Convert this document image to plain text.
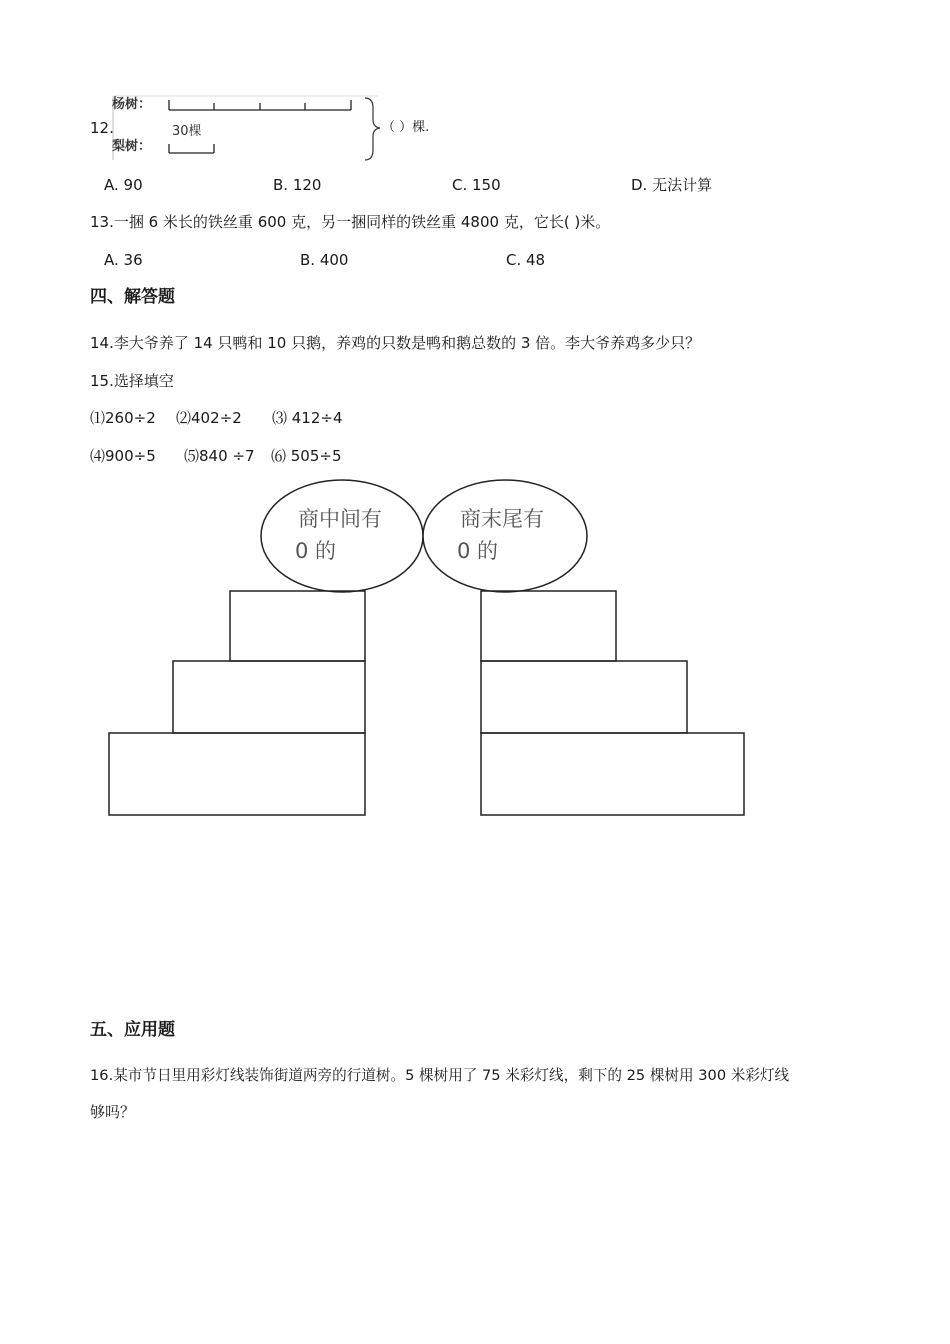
12.
杨树：
梨树：
30棵	（ ）棵.
A. 90	B. 120	C. 150	D. 无法计算
13.一捆 6 米长的铁丝重 600 克，另一捆同样的铁丝重 4800 克，它长( )米。
A. 36	B. 400	C. 48
四、解答题
14.李大爷养了 14 只鸭和 10 只鹅，养鸡的只数是鸭和鹅总数的 3 倍。李大爷养鸡多少只？
15.选择填空
⑴260÷2 ⑵402÷2 ⑶ 412÷4
⑷900÷5 ⑸840 ÷7 ⑹ 505÷5
商中间有
0 的
商末尾有
0 的
五、应用题
16.某市节日里用彩灯线装饰街道两旁的行道树。5 棵树用了 75 米彩灯线，剩下的 25 棵树用 300 米彩灯线
够吗？
